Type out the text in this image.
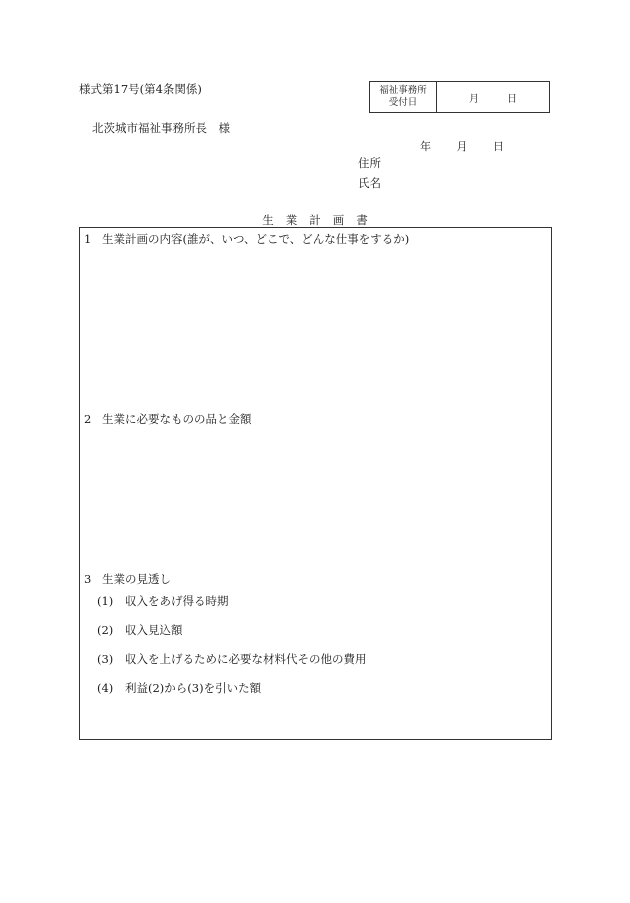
様式第17号(第4条関係)	福祉事務所
受付日	月	日
北茨城市福祉事務所長　様
年 月 日
住所
氏名
生業計画書
1 生業計画の内容(誰が、いつ、どこで、どんな仕事をするか)
2 生業に必要なものの品と金額
3 生業の見透し
(1) 収入をあげ得る時期
(2) 収入見込額
(3) 収入を上げるために必要な材料代その他の費用
(4) 利益(2)から(3)を引いた額
